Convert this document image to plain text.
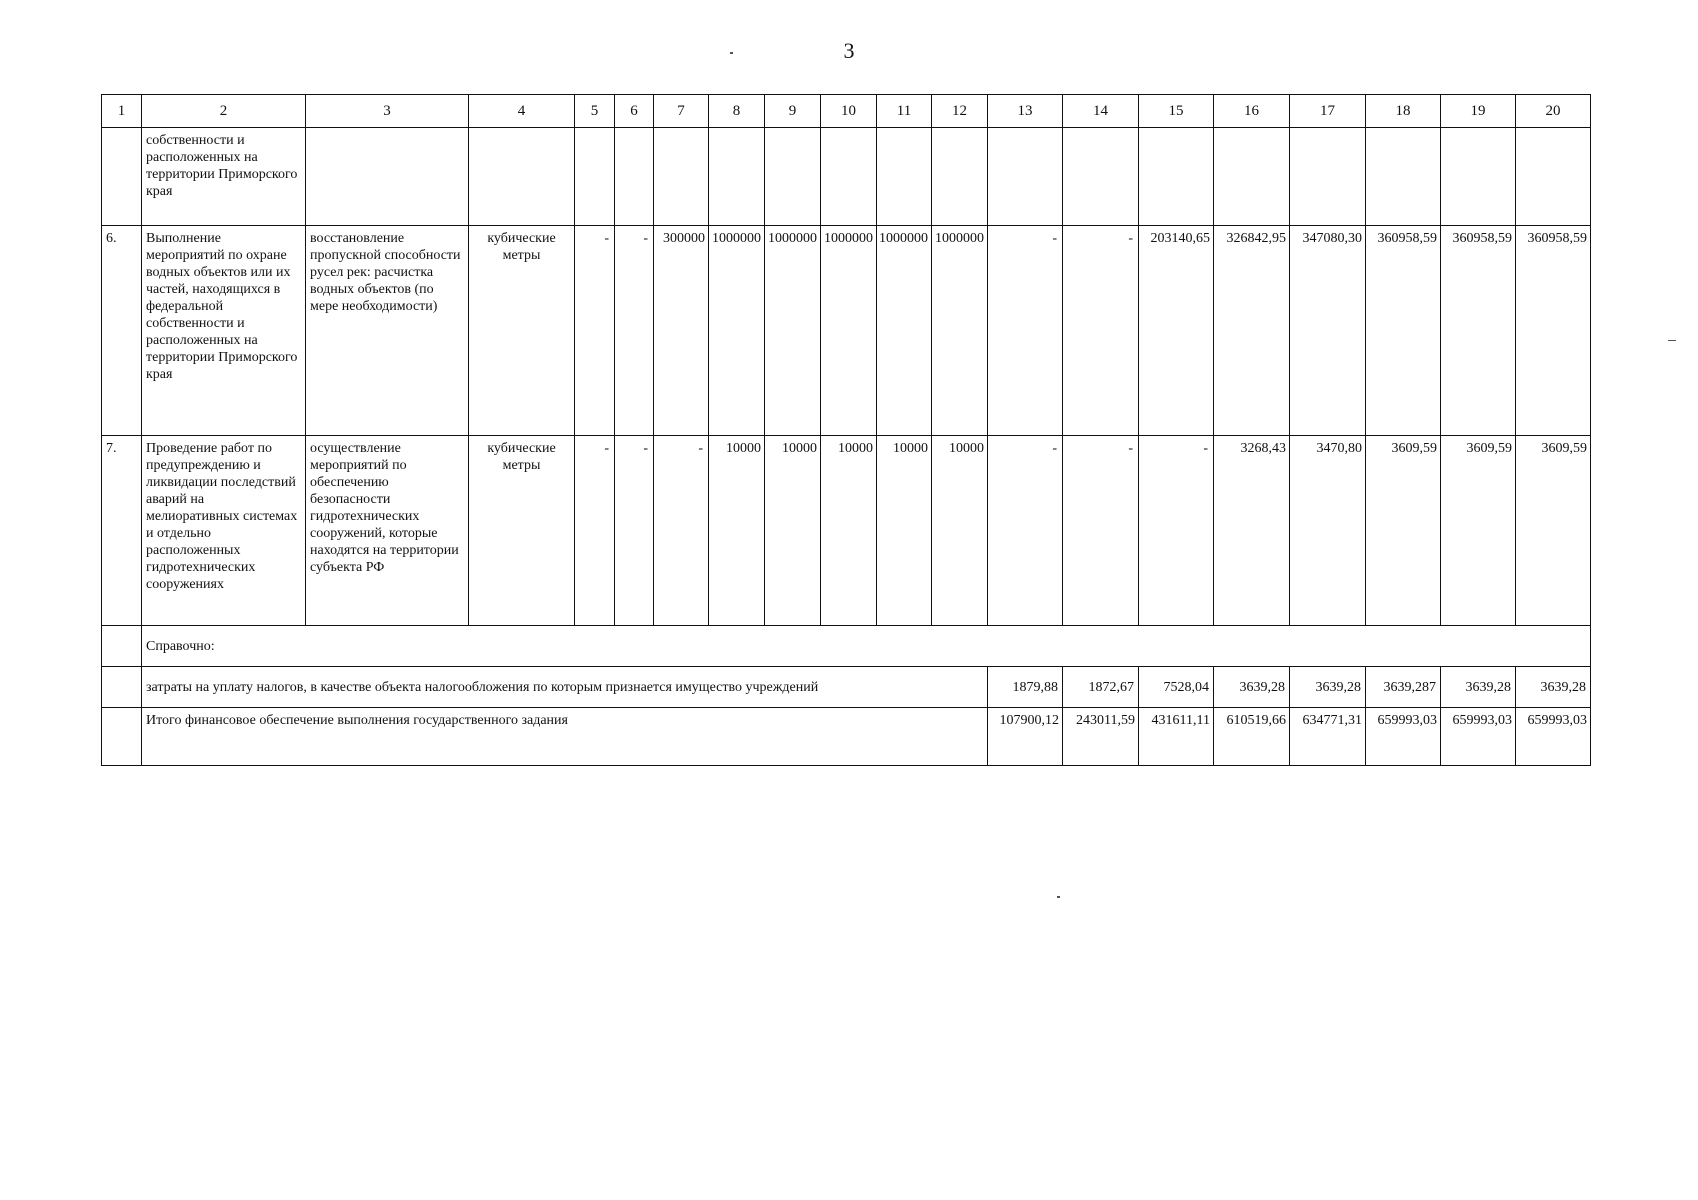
3
1	2	3	4	5	6	7	8	9	10	11	12	13	14	15	16	17	18	19	20
	собственности и расположенных на территории Приморского края																		
6.	Выполнение мероприятий по охране водных объектов или их частей, находящихся в федеральной собственности и расположенных на территории Приморского края	восстановление пропускной способности русел рек: расчистка водных объектов (по мере необходимости)	кубические метры	-	-	300000	1000000	1000000	1000000	1000000	1000000	-	-	203140,65	326842,95	347080,30	360958,59	360958,59	360958,59
7.	Проведение работ по предупреждению и ликвидации последствий аварий на мелиоративных системах и отдельно расположенных гидротехнических сооружениях	осуществление мероприятий по обеспечению безопасности гидротехнических сооружений, которые находятся на территории субъекта РФ	кубические метры	-	-	-	10000	10000	10000	10000	10000	-	-	-	3268,43	3470,80	3609,59	3609,59	3609,59
	Справочно:																		
	затраты на уплату налогов, в качестве объекта налогообложения по которым признается имущество учреждений											1879,88	1872,67	7528,04	3639,28	3639,28	3639,287	3639,28	3639,28
	Итого финансовое обеспечение выполнения государственного задания											107900,12	243011,59	431611,11	610519,66	634771,31	659993,03	659993,03	659993,03
